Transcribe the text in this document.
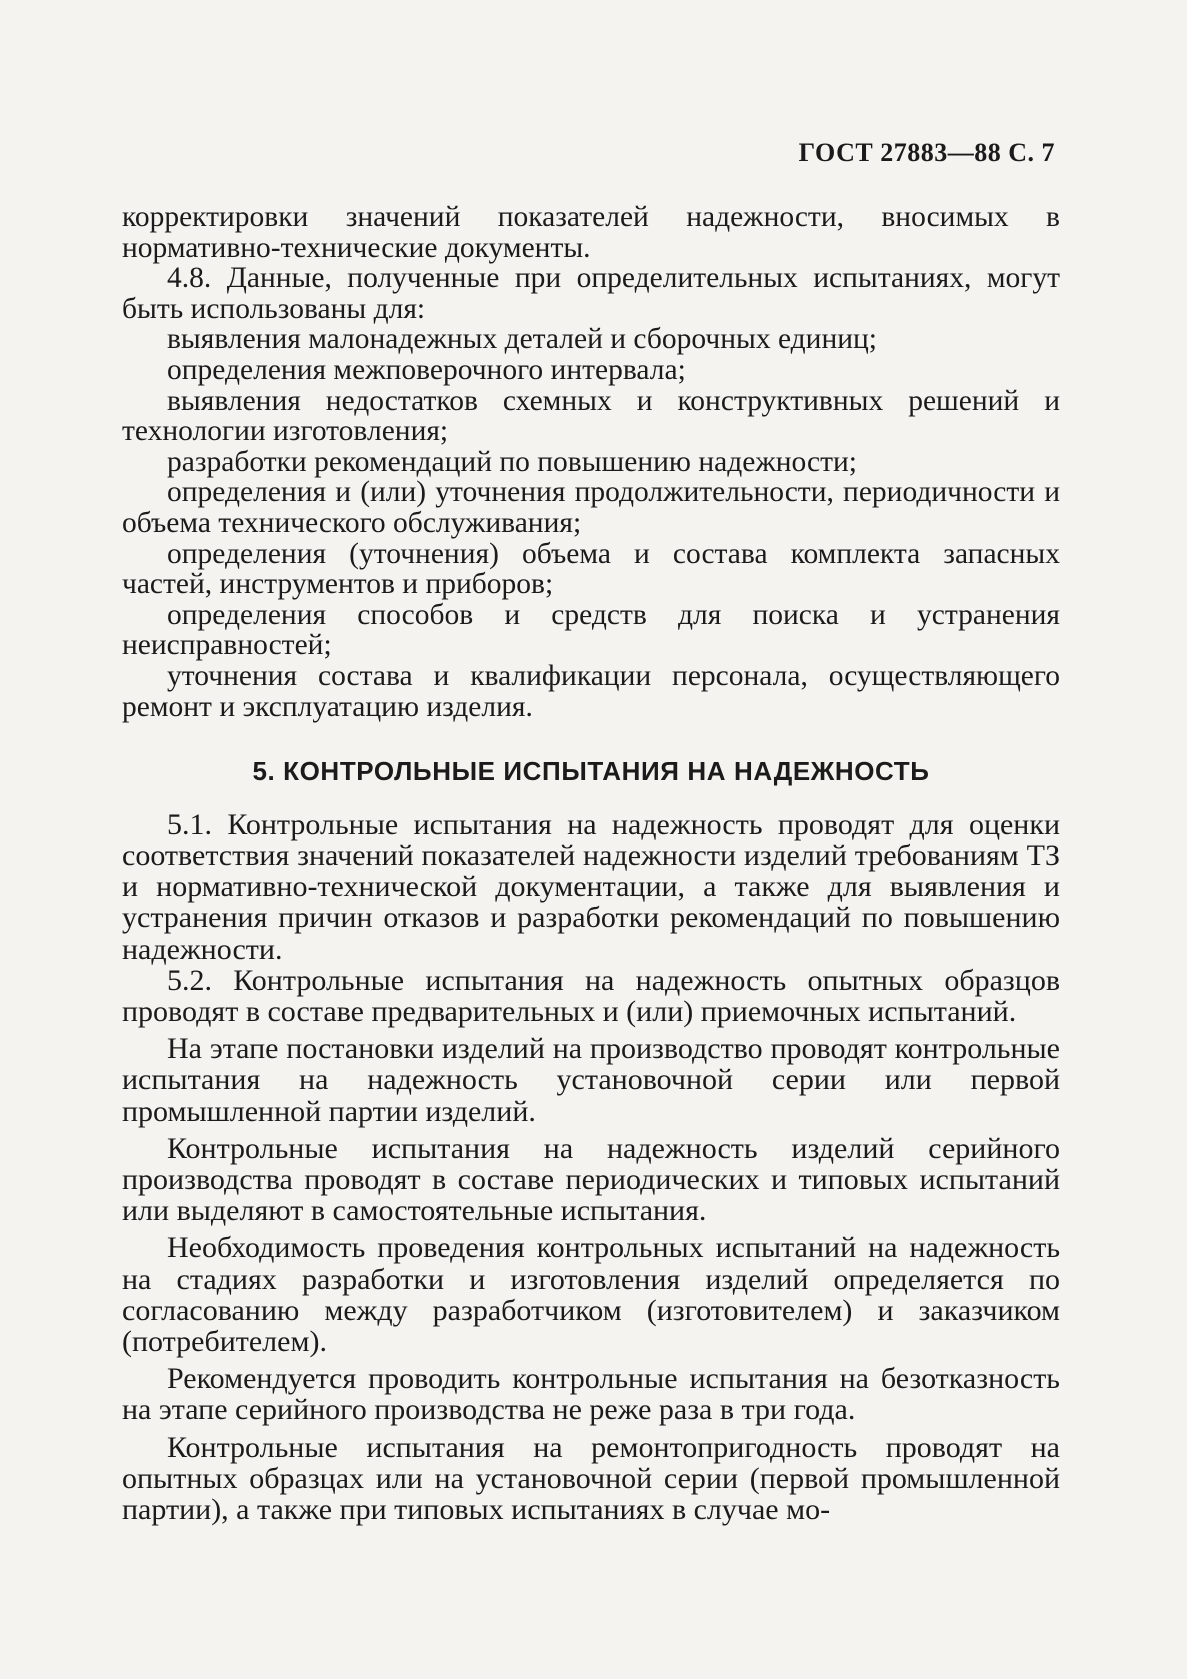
ГОСТ 27883—88 С. 7

корректировки значений показателей надежности, вносимых в нормативно-технические документы.

4.8. Данные, полученные при определительных испытаниях, могут быть использованы для:

выявления малонадежных деталей и сборочных единиц;

определения межповерочного интервала;

выявления недостатков схемных и конструктивных решений и технологии изготовления;

разработки рекомендаций по повышению надежности;

определения и (или) уточнения продолжительности, периодичности и объема технического обслуживания;

определения (уточнения) объема и состава комплекта запасных частей, инструментов и приборов;

определения способов и средств для поиска и устранения неисправностей;

уточнения состава и квалификации персонала, осуществляющего ремонт и эксплуатацию изделия.

5. КОНТРОЛЬНЫЕ ИСПЫТАНИЯ НА НАДЕЖНОСТЬ

5.1. Контрольные испытания на надежность проводят для оценки соответствия значений показателей надежности изделий требованиям ТЗ и нормативно-технической документации, а также для выявления и устранения причин отказов и разработки рекомендаций по повышению надежности.

5.2. Контрольные испытания на надежность опытных образцов проводят в составе предварительных и (или) приемочных испытаний.

На этапе постановки изделий на производство проводят контрольные испытания на надежность установочной серии или первой промышленной партии изделий.

Контрольные испытания на надежность изделий серийного производства проводят в составе периодических и типовых испытаний или выделяют в самостоятельные испытания.

Необходимость проведения контрольных испытаний на надежность на стадиях разработки и изготовления изделий определяется по согласованию между разработчиком (изготовителем) и заказчиком (потребителем).

Рекомендуется проводить контрольные испытания на безотказность на этапе серийного производства не реже раза в три года.

Контрольные испытания на ремонтопригодность проводят на опытных образцах или на установочной серии (первой промышленной партии), а также при типовых испытаниях в случае мо-
